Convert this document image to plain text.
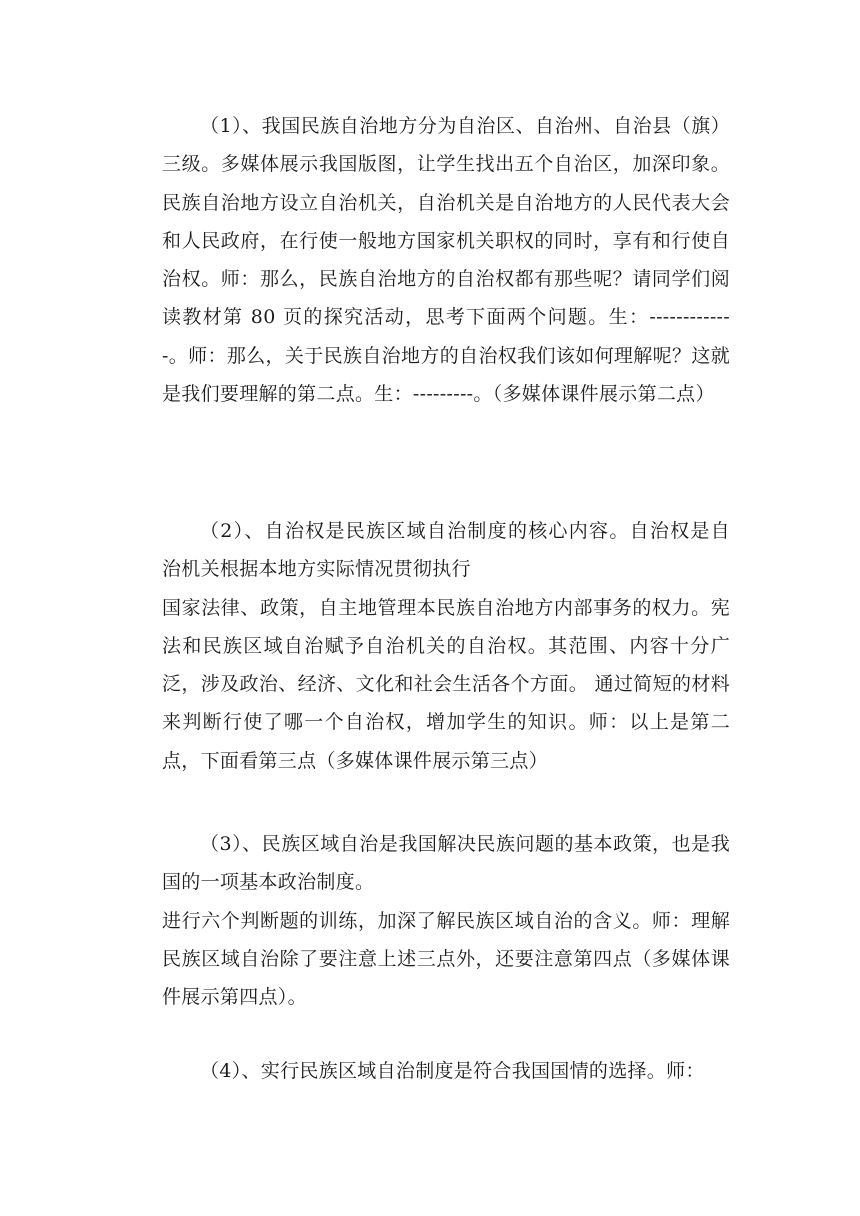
（1）、我国民族自治地方分为自治区、自治州、自治县（旗）三级。多媒体展示我国版图，让学生找出五个自治区，加深印象。民族自治地方设立自治机关，自治机关是自治地方的人民代表大会和人民政府，在行使一般地方国家机关职权的同时，享有和行使自治权。师：那么，民族自治地方的自治权都有那些呢？请同学们阅读教材第 80 页的探究活动，思考下面两个问题。生：-------------。师：那么，关于民族自治地方的自治权我们该如何理解呢？这就是我们要理解的第二点。生：---------。（多媒体课件展示第二点）

（2）、自治权是民族区域自治制度的核心内容。自治权是自 治机关根据本地方实际情况贯彻执行
国家法律、政策，自主地管理本民族自治地方内部事务的权力。宪法和民族区域自治赋予自治机关的自治权。其范围、内容十分广泛，涉及政治、经济、文化和社会生活各个方面。 通过简短的材料来判断行使了哪一个自治权，增加学生的知识。师：以上是第二点，下面看第三点（多媒体课件展示第三点）

（3）、民族区域自治是我国解决民族问题的基本政策，也是我国的一项基本政治制度。
进行六个判断题的训练，加深了解民族区域自治的含义。师：理解民族区域自治除了要注意上述三点外，还要注意第四点（多媒体课件展示第四点）。

（4）、实行民族区域自治制度是符合我国国情的选择。师：
